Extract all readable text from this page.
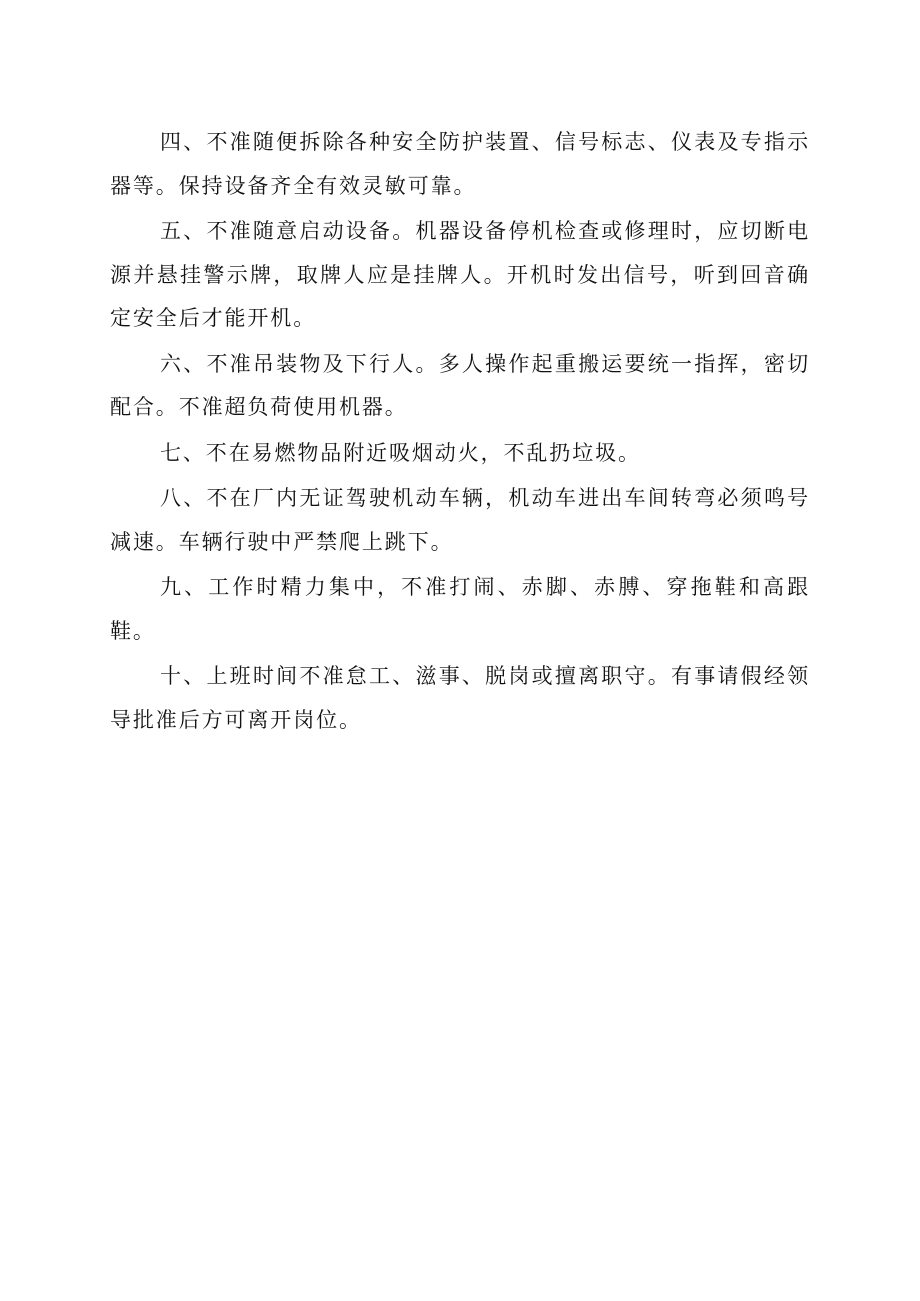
四、不准随便拆除各种安全防护装置、信号标志、仪表及专指示器等。保持设备齐全有效灵敏可靠。

五、不准随意启动设备。机器设备停机检查或修理时，应切断电源并悬挂警示牌，取牌人应是挂牌人。开机时发出信号，听到回音确定安全后才能开机。

六、不准吊装物及下行人。多人操作起重搬运要统一指挥，密切配合。不准超负荷使用机器。

七、不在易燃物品附近吸烟动火，不乱扔垃圾。

八、不在厂内无证驾驶机动车辆，机动车进出车间转弯必须鸣号减速。车辆行驶中严禁爬上跳下。

九、工作时精力集中，不准打闹、赤脚、赤膊、穿拖鞋和高跟鞋。

十、上班时间不准怠工、滋事、脱岗或擅离职守。有事请假经领导批准后方可离开岗位。
